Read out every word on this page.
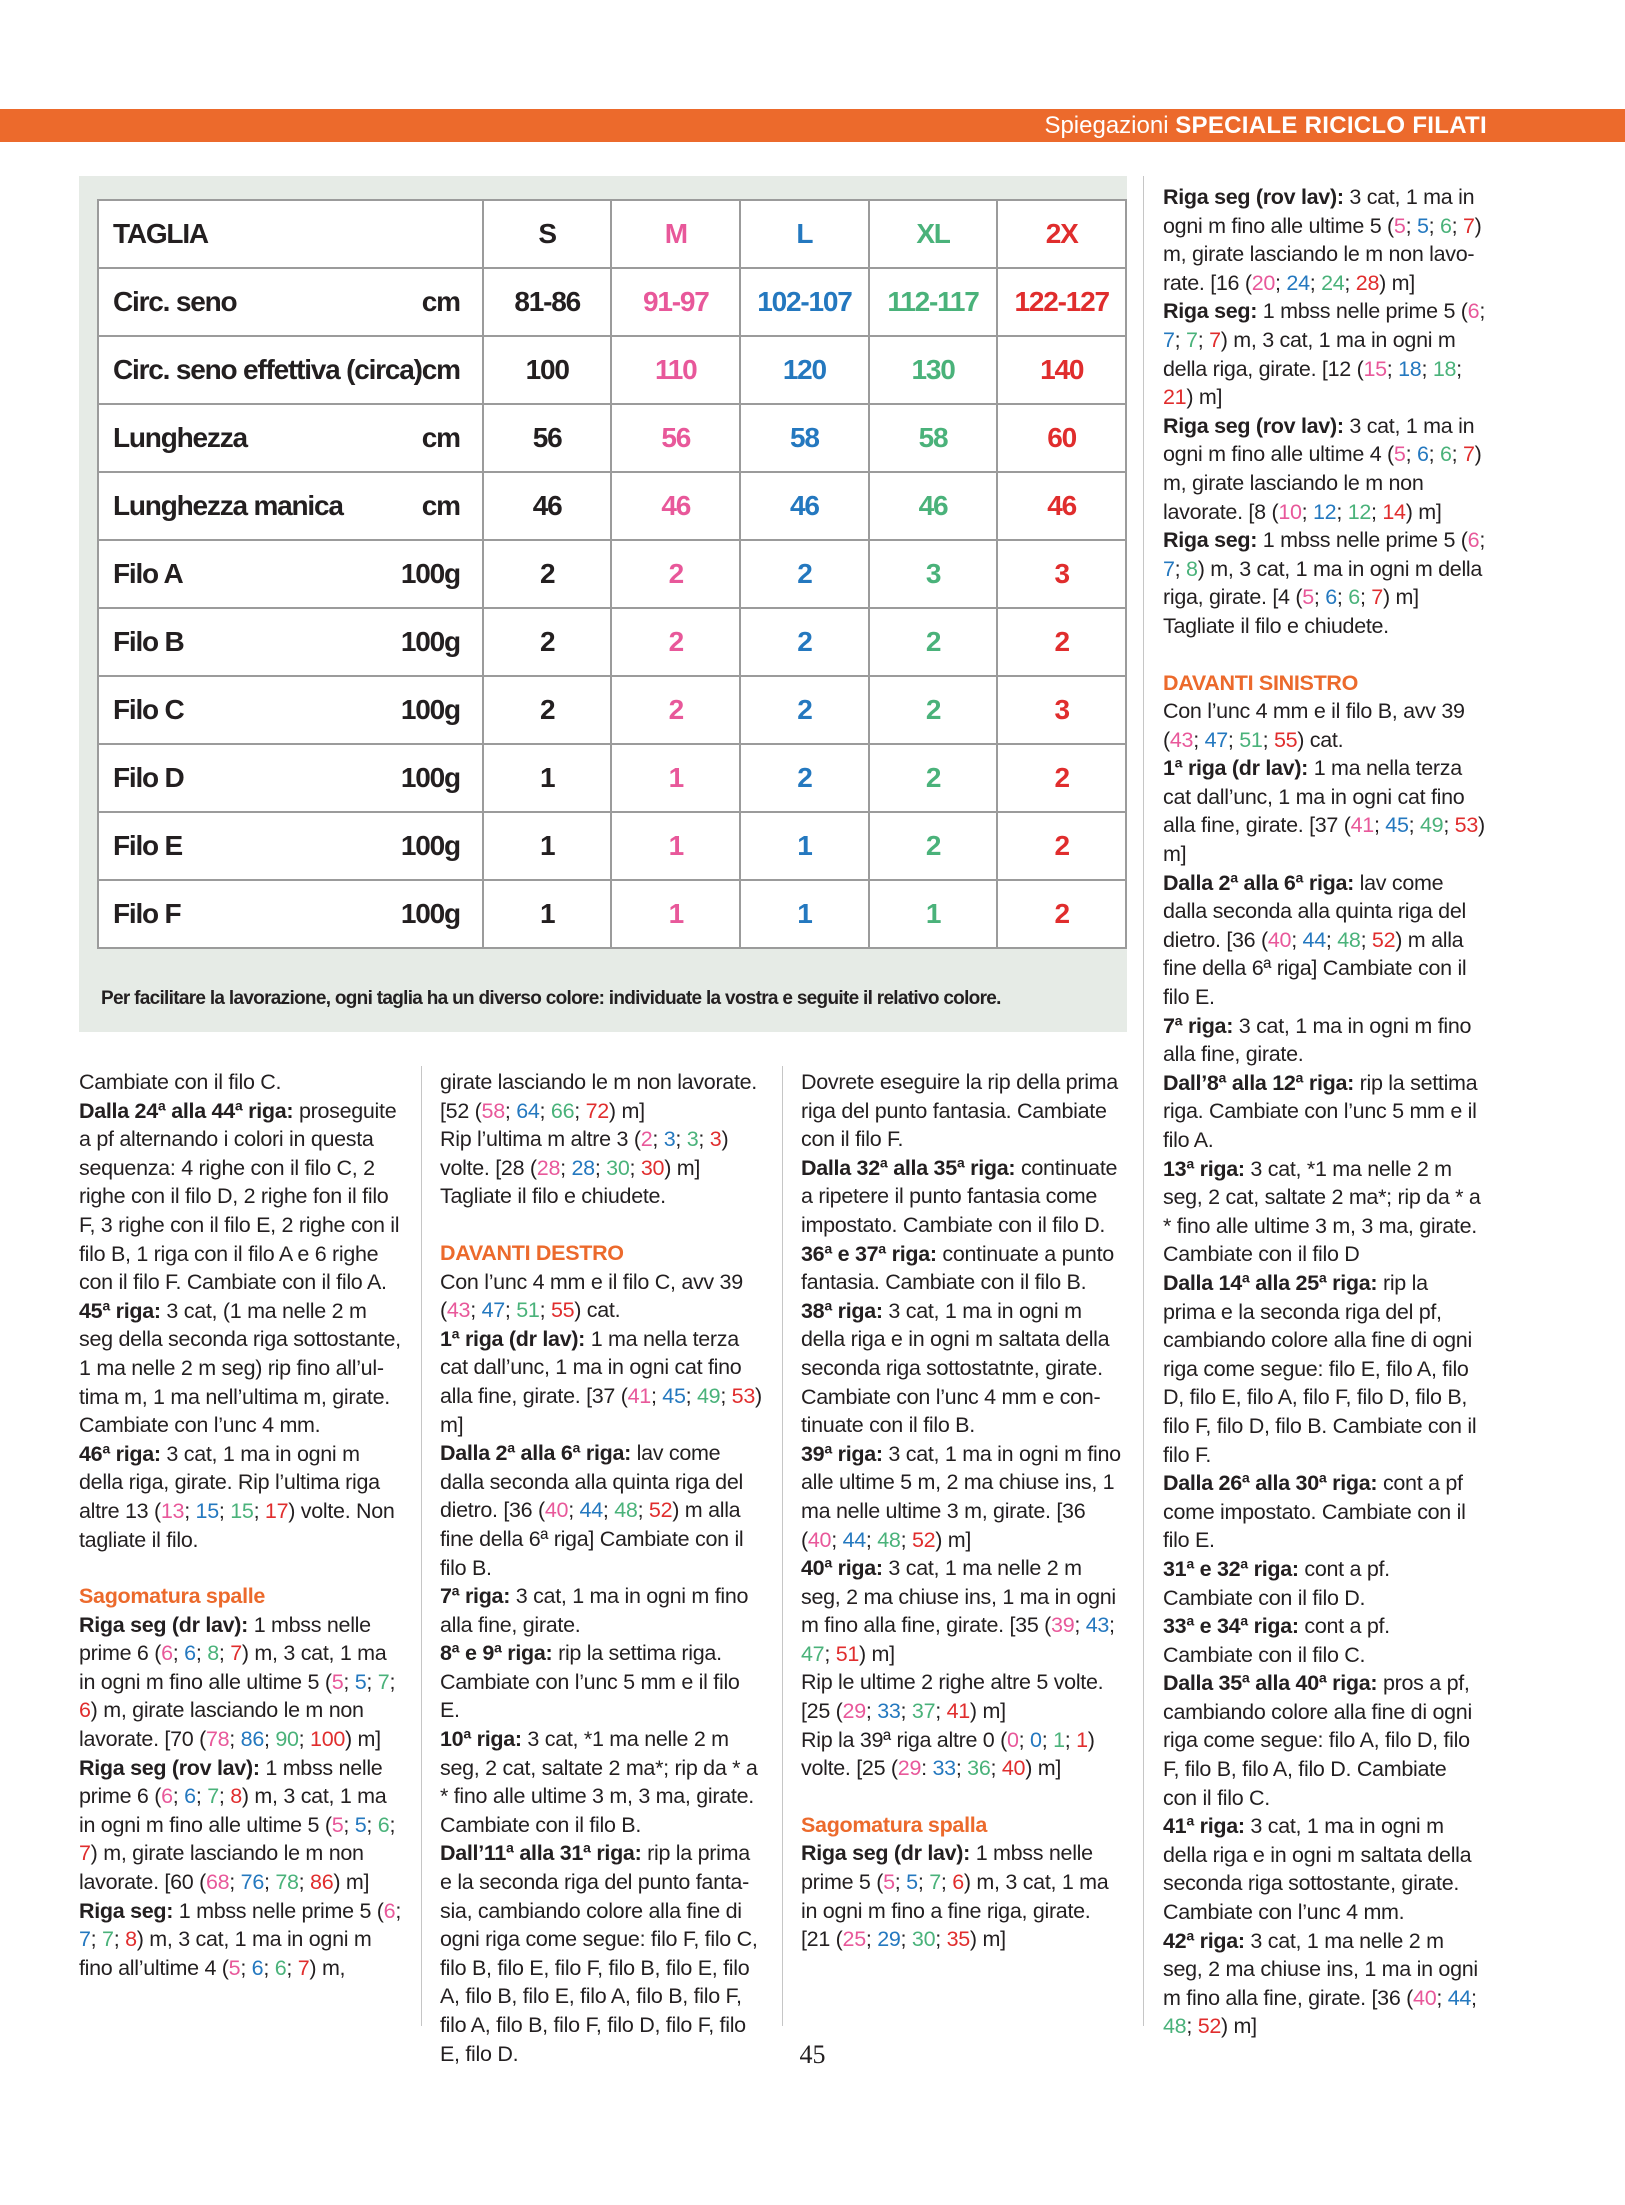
Spiegazioni SPECIALE RICICLO FILATI
TAGLIA	S	M	L	XL	2X
Circ. seno cm	81-86	91-97	102-107	112-117	122-127
Circ. seno effettiva (circa) cm	100	110	120	130	140
Lunghezza cm	56	56	58	58	60
Lunghezza manica cm	46	46	46	46	46
Filo A 100g	2	2	2	3	3
Filo B 100g	2	2	2	2	2
Filo C 100g	2	2	2	2	3
Filo D 100g	1	1	2	2	2
Filo E 100g	1	1	1	2	2
Filo F 100g	1	1	1	1	2
Per facilitare la lavorazione, ogni taglia ha un diverso colore: individuate la vostra e seguite il relativo colore.

Cambiate con il filo C.

Dalla 24ª alla 44ª riga: proseguite a pf alternando i colori in questa sequenza: 4 righe con il filo C, 2 righe con il filo D, 2 righe fon il filo F, 3 righe con il filo E, 2 righe con il filo B, 1 riga con il filo A e 6 righe con il filo F. Cambiate con il filo A.

45ª riga: 3 cat, (1 ma nelle 2 m seg della seconda riga sottostante, 1 ma nelle 2 m seg) rip fino all’ultima m, 1 ma nell’ultima m, girate. Cambiate con l’unc 4 mm.

46ª riga: 3 cat, 1 ma in ogni m della riga, girate. Rip l’ultima riga altre 13 (13; 15; 15; 17) volte. Non tagliate il filo.

Sagomatura spalle

Riga seg (dr lav): 1 mbss nelle prime 6 (6; 6; 8; 7) m, 3 cat, 1 ma in ogni m fino alle ultime 5 (5; 5; 7; 6) m, girate lasciando le m non lavorate. [70 (78; 86; 90; 100) m]

Riga seg (rov lav): 1 mbss nelle prime 6 (6; 6; 7; 8) m, 3 cat, 1 ma in ogni m fino alle ultime 5 (5; 5; 6; 7) m, girate lasciando le m non lavorate. [60 (68; 76; 78; 86) m]

Riga seg: 1 mbss nelle prime 5 (6; 7; 7; 8) m, 3 cat, 1 ma in ogni m fino all’ultime 4 (5; 6; 6; 7) m,

girate lasciando le m non lavorate. [52 (58; 64; 66; 72) m]

Rip l’ultima m altre 3 (2; 3; 3; 3) volte. [28 (28; 28; 30; 30) m]

Tagliate il filo e chiudete.

DAVANTI DESTRO

Con l’unc 4 mm e il filo C, avv 39 (43; 47; 51; 55) cat.

1ª riga (dr lav): 1 ma nella terza cat dall’unc, 1 ma in ogni cat fino alla fine, girate. [37 (41; 45; 49; 53) m]

Dalla 2ª alla 6ª riga: lav come dalla seconda alla quinta riga del dietro. [36 (40; 44; 48; 52) m alla fine della 6ª riga] Cambiate con il filo B.

7ª riga: 3 cat, 1 ma in ogni m fino alla fine, girate.

8ª e 9ª riga: rip la settima riga. Cambiate con l’unc 5 mm e il filo E.

10ª riga: 3 cat, *1 ma nelle 2 m seg, 2 cat, saltate 2 ma*; rip da * a * fino alle ultime 3 m, 3 ma, girate. Cambiate con il filo B.

Dall’11ª alla 31ª riga: rip la prima e la seconda riga del punto fantasia, cambiando colore alla fine di ogni riga come segue: filo F, filo C, filo B, filo E, filo F, filo B, filo E, filo A, filo B, filo E, filo A, filo B, filo F, filo A, filo B, filo F, filo D, filo F, filo E, filo D.

Dovrete eseguire la rip della prima riga del punto fantasia. Cambiate con il filo F.

Dalla 32ª alla 35ª riga: continuate a ripetere il punto fantasia come impostato. Cambiate con il filo D.

36ª e 37ª riga: continuate a punto fantasia. Cambiate con il filo B.

38ª riga: 3 cat, 1 ma in ogni m della riga e in ogni m saltata della seconda riga sottostatnte, girate.

Cambiate con l’unc 4 mm e continuate con il filo B.

39ª riga: 3 cat, 1 ma in ogni m fino alle ultime 5 m, 2 ma chiuse ins, 1 ma nelle ultime 3 m, girate. [36 (40; 44; 48; 52) m]

40ª riga: 3 cat, 1 ma nelle 2 m seg, 2 ma chiuse ins, 1 ma in ogni m fino alla fine, girate. [35 (39; 43; 47; 51) m]

Rip le ultime 2 righe altre 5 volte. [25 (29; 33; 37; 41) m]

Rip la 39ª riga altre 0 (0; 0; 1; 1) volte. [25 (29: 33; 36; 40) m]

Sagomatura spalla

Riga seg (dr lav): 1 mbss nelle prime 5 (5; 5; 7; 6) m, 3 cat, 1 ma in ogni m fino a fine riga, girate. [21 (25; 29; 30; 35) m]

Riga seg (rov lav): 3 cat, 1 ma in ogni m fino alle ultime 5 (5; 5; 6; 7) m, girate lasciando le m non lavorate. [16 (20; 24; 24; 28) m]

Riga seg: 1 mbss nelle prime 5 (6; 7; 7; 7) m, 3 cat, 1 ma in ogni m della riga, girate. [12 (15; 18; 18; 21) m]

Riga seg (rov lav): 3 cat, 1 ma in ogni m fino alle ultime 4 (5; 6; 6; 7) m, girate lasciando le m non lavorate. [8 (10; 12; 12; 14) m]

Riga seg: 1 mbss nelle prime 5 (6; 7; 8) m, 3 cat, 1 ma in ogni m della riga, girate. [4 (5; 6; 6; 7) m]

Tagliate il filo e chiudete.

DAVANTI SINISTRO

Con l’unc 4 mm e il filo B, avv 39 (43; 47; 51; 55) cat.

1ª riga (dr lav): 1 ma nella terza cat dall’unc, 1 ma in ogni cat fino alla fine, girate. [37 (41; 45; 49; 53) m]

Dalla 2ª alla 6ª riga: lav come dalla seconda alla quinta riga del dietro. [36 (40; 44; 48; 52) m alla fine della 6ª riga] Cambiate con il filo E.

7ª riga: 3 cat, 1 ma in ogni m fino alla fine, girate.

Dall’8ª alla 12ª riga: rip la settima riga. Cambiate con l’unc 5 mm e il filo A.

13ª riga: 3 cat, *1 ma nelle 2 m seg, 2 cat, saltate 2 ma*; rip da * a * fino alle ultime 3 m, 3 ma, girate. Cambiate con il filo D

Dalla 14ª alla 25ª riga: rip la prima e la seconda riga del pf, cambiando colore alla fine di ogni riga come segue: filo E, filo A, filo D, filo E, filo A, filo F, filo D, filo B, filo F, filo D, filo B. Cambiate con il filo F.

Dalla 26ª alla 30ª riga: cont a pf come impostato. Cambiate con il filo E.

31ª e 32ª riga: cont a pf. Cambiate con il filo D.

33ª e 34ª riga: cont a pf. Cambiate con il filo C.

Dalla 35ª alla 40ª riga: pros a pf, cambiando colore alla fine di ogni riga come segue: filo A, filo D, filo F, filo B, filo A, filo D. Cambiate con il filo C.

41ª riga: 3 cat, 1 ma in ogni m della riga e in ogni m saltata della seconda riga sottostante, girate. Cambiate con l’unc 4 mm.

42ª riga: 3 cat, 1 ma nelle 2 m seg, 2 ma chiuse ins, 1 ma in ogni m fino alla fine, girate. [36 (40; 44; 48; 52) m]

45
